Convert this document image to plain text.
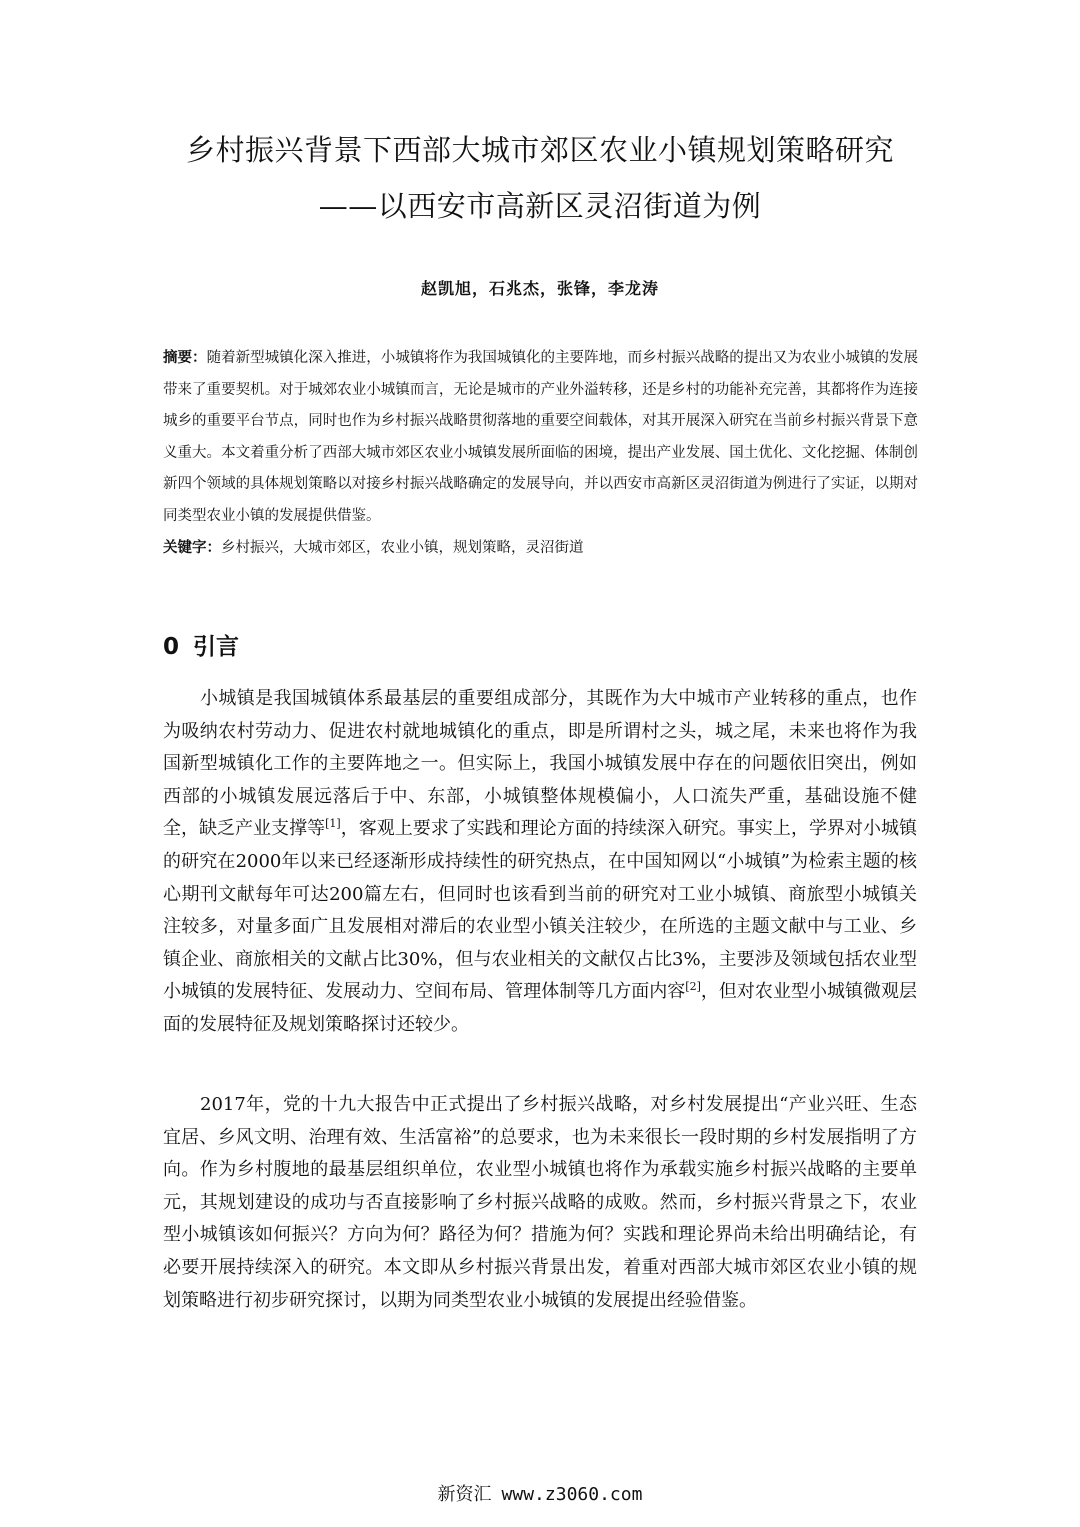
乡村振兴背景下西部大城市郊区农业小镇规划策略研究
——以西安市高新区灵沼街道为例
赵凯旭，石兆杰，张锋，李龙涛

摘要：随着新型城镇化深入推进，小城镇将作为我国城镇化的主要阵地，而乡村振兴战略的提出又为农业小城镇的发展带来了重要契机。对于城郊农业小城镇而言，无论是城市的产业外溢转移，还是乡村的功能补充完善，其都将作为连接城乡的重要平台节点，同时也作为乡村振兴战略贯彻落地的重要空间载体，对其开展深入研究在当前乡村振兴背景下意义重大。本文着重分析了西部大城市郊区农业小城镇发展所面临的困境，提出产业发展、国土优化、文化挖掘、体制创新四个领域的具体规划策略以对接乡村振兴战略确定的发展导向，并以西安市高新区灵沼街道为例进行了实证，以期对同类型农业小镇的发展提供借鉴。

关键字：乡村振兴，大城市郊区，农业小镇，规划策略，灵沼街道

0 引言

小城镇是我国城镇体系最基层的重要组成部分，其既作为大中城市产业转移的重点，也作为吸纳农村劳动力、促进农村就地城镇化的重点，即是所谓村之头，城之尾，未来也将作为我国新型城镇化工作的主要阵地之一。但实际上，我国小城镇发展中存在的问题依旧突出，例如西部的小城镇发展远落后于中、东部，小城镇整体规模偏小，人口流失严重，基础设施不健全，缺乏产业支撑等[1]，客观上要求了实践和理论方面的持续深入研究。事实上，学界对小城镇的研究在2000年以来已经逐渐形成持续性的研究热点，在中国知网以“小城镇”为检索主题的核心期刊文献每年可达200篇左右，但同时也该看到当前的研究对工业小城镇、商旅型小城镇关注较多，对量多面广且发展相对滞后的农业型小镇关注较少，在所选的主题文献中与工业、乡镇企业、商旅相关的文献占比30%，但与农业相关的文献仅占比3%，主要涉及领域包括农业型小城镇的发展特征、发展动力、空间布局、管理体制等几方面内容[2]，但对农业型小城镇微观层面的发展特征及规划策略探讨还较少。

2017年，党的十九大报告中正式提出了乡村振兴战略，对乡村发展提出“产业兴旺、生态宜居、乡风文明、治理有效、生活富裕”的总要求，也为未来很长一段时期的乡村发展指明了方向。作为乡村腹地的最基层组织单位，农业型小城镇也将作为承载实施乡村振兴战略的主要单元，其规划建设的成功与否直接影响了乡村振兴战略的成败。然而，乡村振兴背景之下，农业型小城镇该如何振兴？方向为何？路径为何？措施为何？实践和理论界尚未给出明确结论，有必要开展持续深入的研究。本文即从乡村振兴背景出发，着重对西部大城市郊区农业小镇的规划策略进行初步研究探讨，以期为同类型农业小城镇的发展提出经验借鉴。

新资汇 www.z3060.com
